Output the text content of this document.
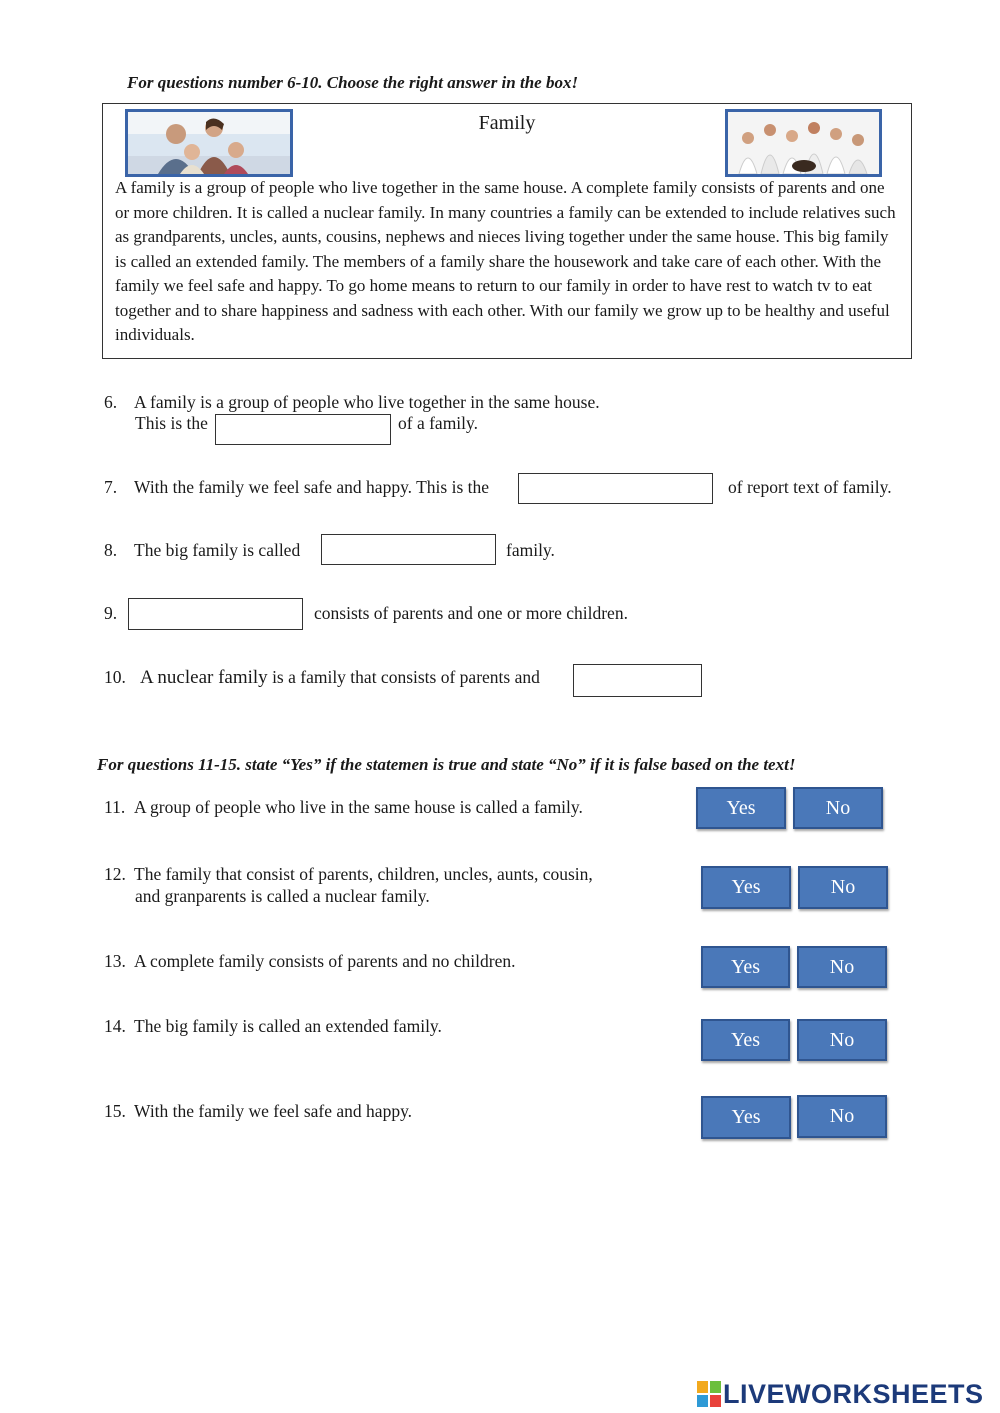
For questions number 6-10. Choose the right answer in the box!
Family
A family is a group of people who live together in the same house. A complete family consists of parents and one or more children. It is called a nuclear family. In many countries a family can be extended to include relatives such as grandparents, uncles, aunts, cousins, nephews and nieces living together under the same house. This big family is called an extended family. The members of a family share the housework and take care of each other. With the family we feel safe and happy. To go home means to return to our family in order to have rest to watch tv to eat together and to share happiness and sadness with each other. With our family we grow up to be healthy and useful individuals.
6. A family is a group of people who live together in the same house.
This is the	of a family.
7. With the family we feel safe and happy. This is the	of report text of family.
8. The big family is called	family.
9.	consists of parents and one or more children.
10. A nuclear family is a family that consists of parents and
For questions 11-15. state “Yes” if the statemen is true and state “No” if it is false based on the text!
11. A group of people who live in the same house is called a family.	Yes	No
12. The family that consist of parents, children, uncles, aunts, cousin,
and granparents is called a nuclear family.	Yes	No
13. A complete family consists of parents and no children.	Yes	No
14. The big family is called an extended family.
Yes	No
15. With the family we feel safe and happy.	Yes	No
LIVEWORKSHEETS
